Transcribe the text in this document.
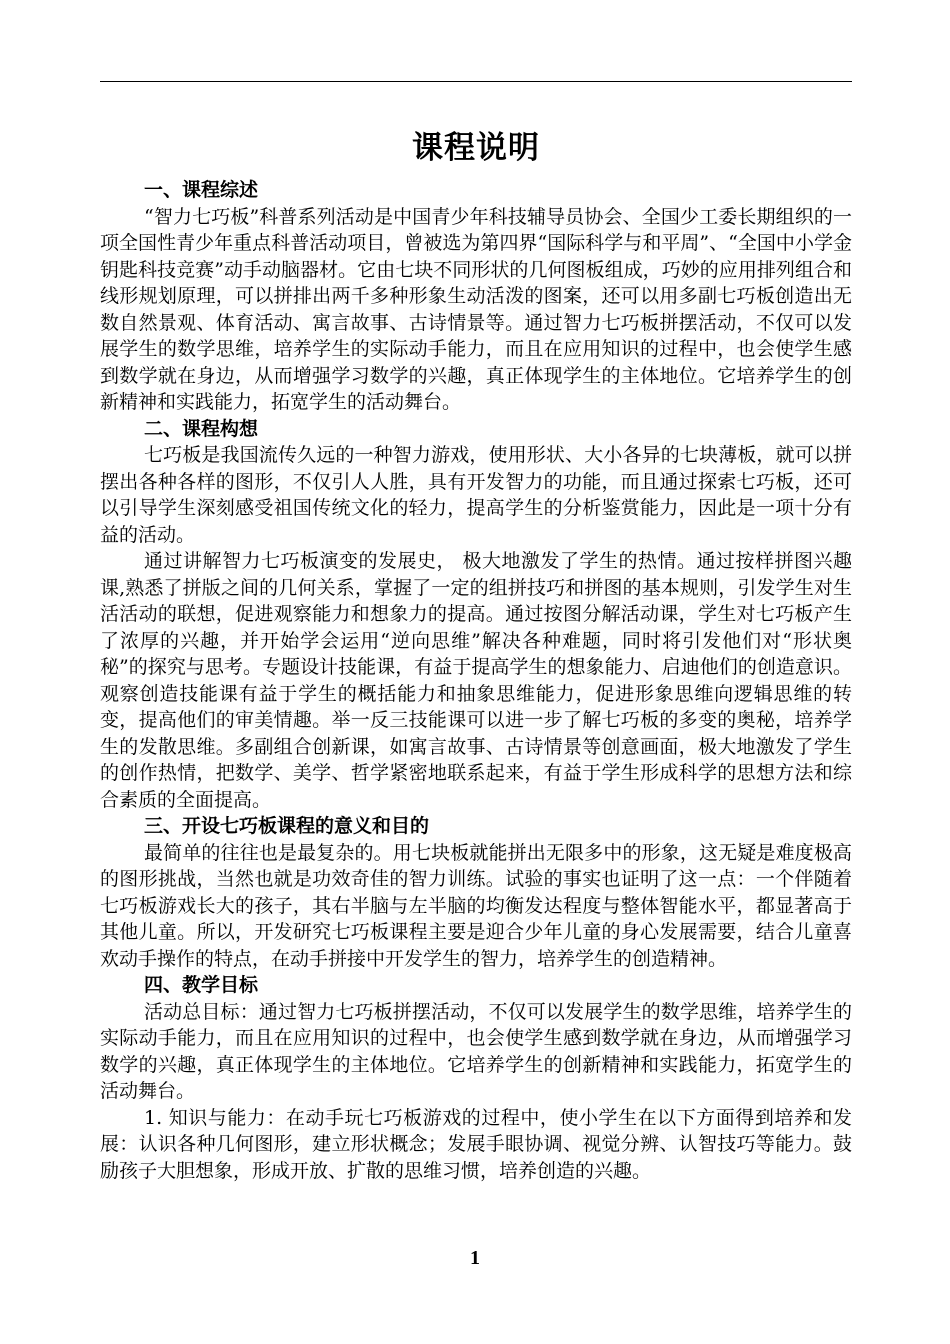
课程说明
一、课程综述

“智力七巧板”科普系列活动是中国青少年科技辅导员协会、全国少工委长期组织的一项全国性青少年重点科普活动项目，曾被选为第四界“国际科学与和平周”、“全国中小学金钥匙科技竞赛”动手动脑器材。它由七块不同形状的几何图板组成，巧妙的应用排列组合和线形规划原理，可以拼排出两千多种形象生动活泼的图案，还可以用多副七巧板创造出无数自然景观、体育活动、寓言故事、古诗情景等。通过智力七巧板拼摆活动，不仅可以发展学生的数学思维，培养学生的实际动手能力，而且在应用知识的过程中，也会使学生感到数学就在身边，从而增强学习数学的兴趣，真正体现学生的主体地位。它培养学生的创新精神和实践能力，拓宽学生的活动舞台。

二、课程构想

七巧板是我国流传久远的一种智力游戏，使用形状、大小各异的七块薄板，就可以拼摆出各种各样的图形，不仅引人人胜，具有开发智力的功能，而且通过探索七巧板，还可以引导学生深刻感受祖国传统文化的轻力，提高学生的分析鉴赏能力，因此是一项十分有益的活动。

通过讲解智力七巧板演变的发展史， 极大地激发了学生的热情。通过按样拼图兴趣课,熟悉了拼版之间的几何关系，掌握了一定的组拼技巧和拼图的基本规则，引发学生对生活活动的联想，促进观察能力和想象力的提高。通过按图分解活动课，学生对七巧板产生了浓厚的兴趣，并开始学会运用“逆向思维”解决各种难题，同时将引发他们对“形状奥秘”的探究与思考。专题设计技能课，有益于提高学生的想象能力、启迪他们的创造意识。观察创造技能课有益于学生的概括能力和抽象思维能力，促进形象思维向逻辑思维的转变，提高他们的审美情趣。举一反三技能课可以进一步了解七巧板的多变的奥秘，培养学生的发散思维。多副组合创新课，如寓言故事、古诗情景等创意画面，极大地激发了学生的创作热情，把数学、美学、哲学紧密地联系起来，有益于学生形成科学的思想方法和综合素质的全面提高。

三、开设七巧板课程的意义和目的

最简单的往往也是最复杂的。用七块板就能拼出无限多中的形象，这无疑是难度极高的图形挑战，当然也就是功效奇佳的智力训练。试验的事实也证明了这一点：一个伴随着七巧板游戏长大的孩子，其右半脑与左半脑的均衡发达程度与整体智能水平，都显著高于其他儿童。所以，开发研究七巧板课程主要是迎合少年儿童的身心发展需要，结合儿童喜欢动手操作的特点，在动手拼接中开发学生的智力，培养学生的创造精神。

四、教学目标

活动总目标：通过智力七巧板拼摆活动，不仅可以发展学生的数学思维，培养学生的实际动手能力，而且在应用知识的过程中，也会使学生感到数学就在身边，从而增强学习数学的兴趣，真正体现学生的主体地位。它培养学生的创新精神和实践能力，拓宽学生的活动舞台。

1. 知识与能力：在动手玩七巧板游戏的过程中，使小学生在以下方面得到培养和发展：认识各种几何图形，建立形状概念；发展手眼协调、视觉分辨、认智技巧等能力。鼓励孩子大胆想象，形成开放、扩散的思维习惯，培养创造的兴趣。

1
